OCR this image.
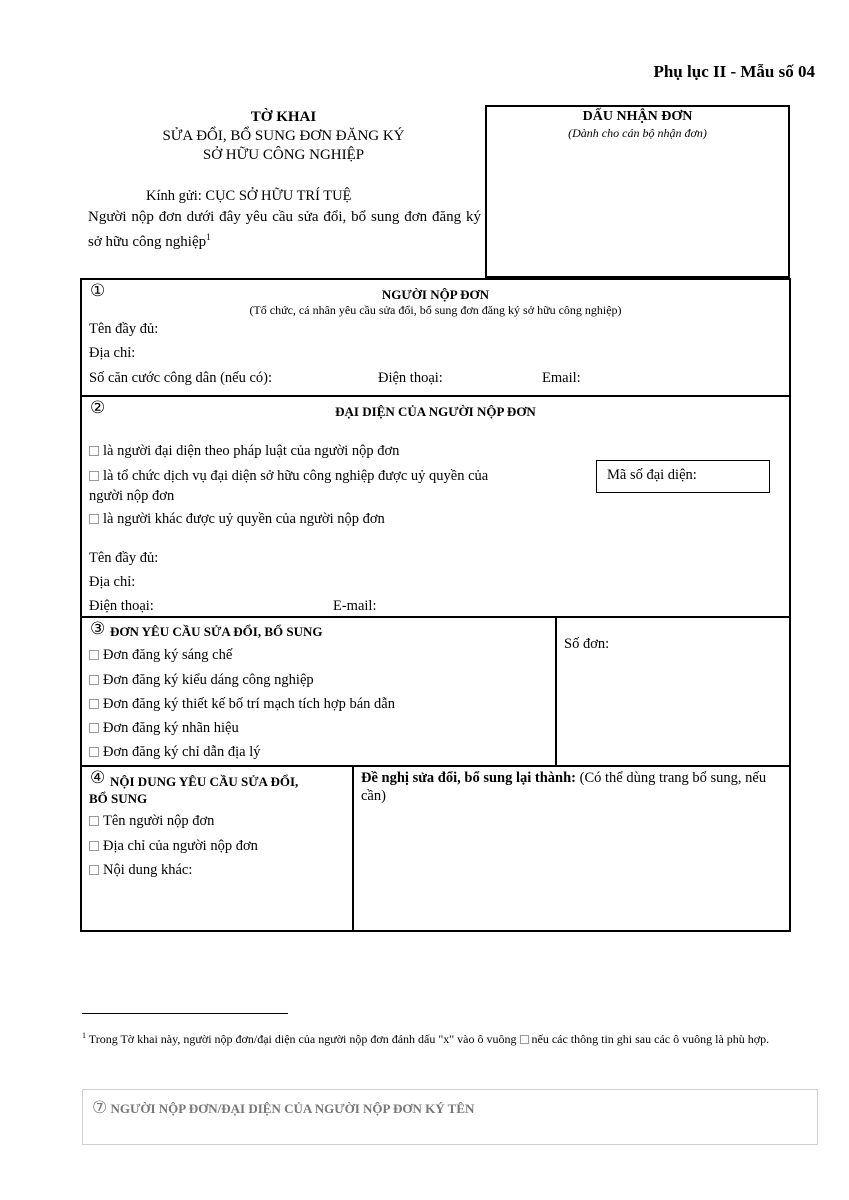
Phụ lục II - Mẫu số 04
TỜ KHAI
SỬA ĐỔI, BỔ SUNG ĐƠN ĐĂNG KÝ
SỞ HỮU CÔNG NGHIỆP
Kính gửi: CỤC SỞ HỮU TRÍ TUỆ
Người nộp đơn dưới đây yêu cầu sửa đổi, bổ sung đơn đăng ký sở hữu công nghiệp$^1$
DẤU NHẬN ĐƠN
(Dành cho cán bộ nhận đơn)
①	NGƯỜI NỘP ĐƠN
(Tổ chức, cá nhân yêu cầu sửa đổi, bổ sung đơn đăng ký sở hữu công nghiệp)
Tên đầy đủ:
Địa chỉ:
Số căn cước công dân (nếu có):	Điện thoại:	Email:
②	ĐẠI DIỆN CỦA NGƯỜI NỘP ĐƠN
là người đại diện theo pháp luật của người nộp đơn
là tổ chức dịch vụ đại diện sở hữu công nghiệp được uỷ quyền của
người nộp đơn
là người khác được uỷ quyền của người nộp đơn
Mã số đại diện:
Tên đầy đủ:
Địa chỉ:
Điện thoại:	E-mail:
③ ĐƠN YÊU CẦU SỬA ĐỔI, BỔ SUNG
Đơn đăng ký sáng chế
Đơn đăng ký kiểu dáng công nghiệp
Đơn đăng ký thiết kế bố trí mạch tích hợp bán dẫn
Đơn đăng ký nhãn hiệu
Đơn đăng ký chỉ dẫn địa lý
Số đơn:
④ NỘI DUNG YÊU CẦU SỬA ĐỔI,
BỔ SUNG
Tên người nộp đơn
Địa chỉ của người nộp đơn
Nội dung khác:
Đề nghị sửa đổi, bổ sung lại thành: (Có thể dùng trang bổ sung, nếu cần)
$^1$ Trong Tờ khai này, người nộp đơn/đại diện của người nộp đơn đánh dấu "x" vào ô vuông  nếu các thông tin ghi sau các ô vuông là phù hợp.
⑦ NGƯỜI NỘP ĐƠN/ĐẠI DIỆN CỦA NGƯỜI NỘP ĐƠN KÝ TÊN
